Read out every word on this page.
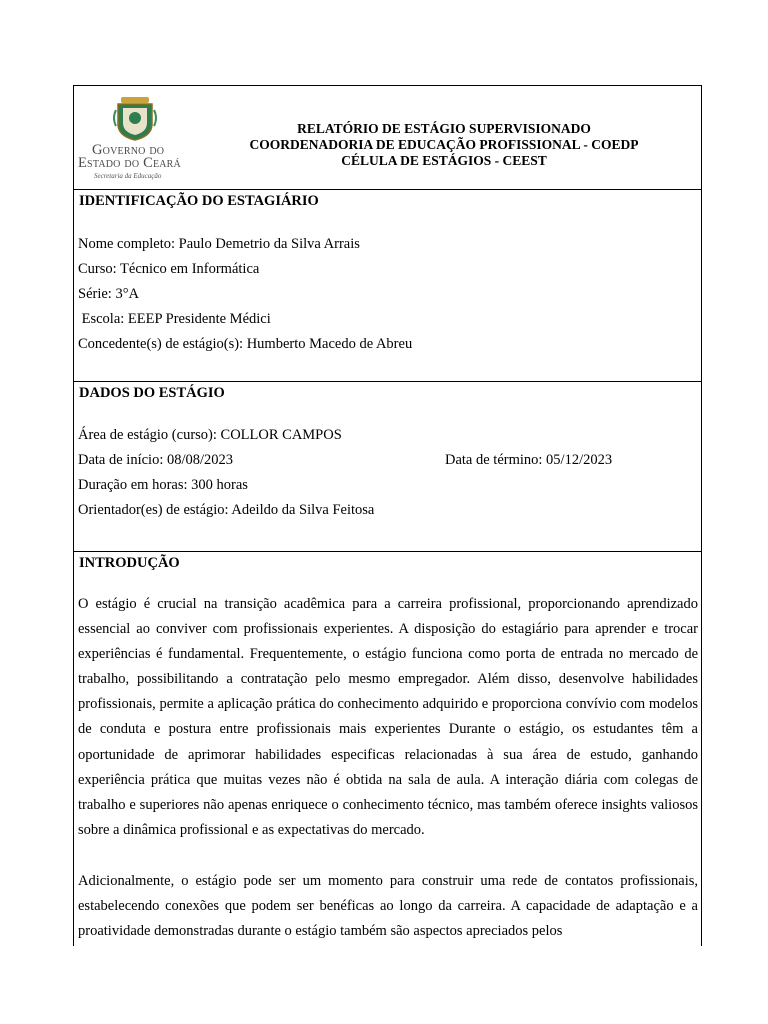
Governo do
Estado do Ceará
Secretaria da Educação
RELATÓRIO DE ESTÁGIO SUPERVISIONADO
COORDENADORIA DE EDUCAÇÃO PROFISSIONAL - COEDP
CÉLULA DE ESTÁGIOS - CEEST
IDENTIFICAÇÃO DO ESTAGIÁRIO
Nome completo: Paulo Demetrio da Silva Arrais
Curso: Técnico em Informática
Série: 3°A
Escola: EEEP Presidente Médici
Concedente(s) de estágio(s): Humberto Macedo de Abreu
DADOS DO ESTÁGIO
Área de estágio (curso): COLLOR CAMPOS
Data de início: 08/08/2023	Data de término: 05/12/2023
Duração em horas: 300 horas
Orientador(es) de estágio: Adeildo da Silva Feitosa
INTRODUÇÃO

O estágio é crucial na transição acadêmica para a carreira profissional, proporcionando aprendizado essencial ao conviver com profissionais experientes. A disposição do estagiário para aprender e trocar experiências é fundamental. Frequentemente, o estágio funciona como porta de entrada no mercado de trabalho, possibilitando a contratação pelo mesmo empregador. Além disso, desenvolve habilidades profissionais, permite a aplicação prática do conhecimento adquirido e proporciona convívio com modelos de conduta e postura entre profissionais mais experientes Durante o estágio, os estudantes têm a oportunidade de aprimorar habilidades especificas relacionadas à sua área de estudo, ganhando experiência prática que muitas vezes não é obtida na sala de aula. A interação diária com colegas de trabalho e superiores não apenas enriquece o conhecimento técnico, mas também oferece insights valiosos sobre a dinâmica profissional e as expectativas do mercado.

Adicionalmente, o estágio pode ser um momento para construir uma rede de contatos profissionais, estabelecendo conexões que podem ser benéficas ao longo da carreira. A capacidade de adaptação e a proatividade demonstradas durante o estágio também são aspectos apreciados pelos
